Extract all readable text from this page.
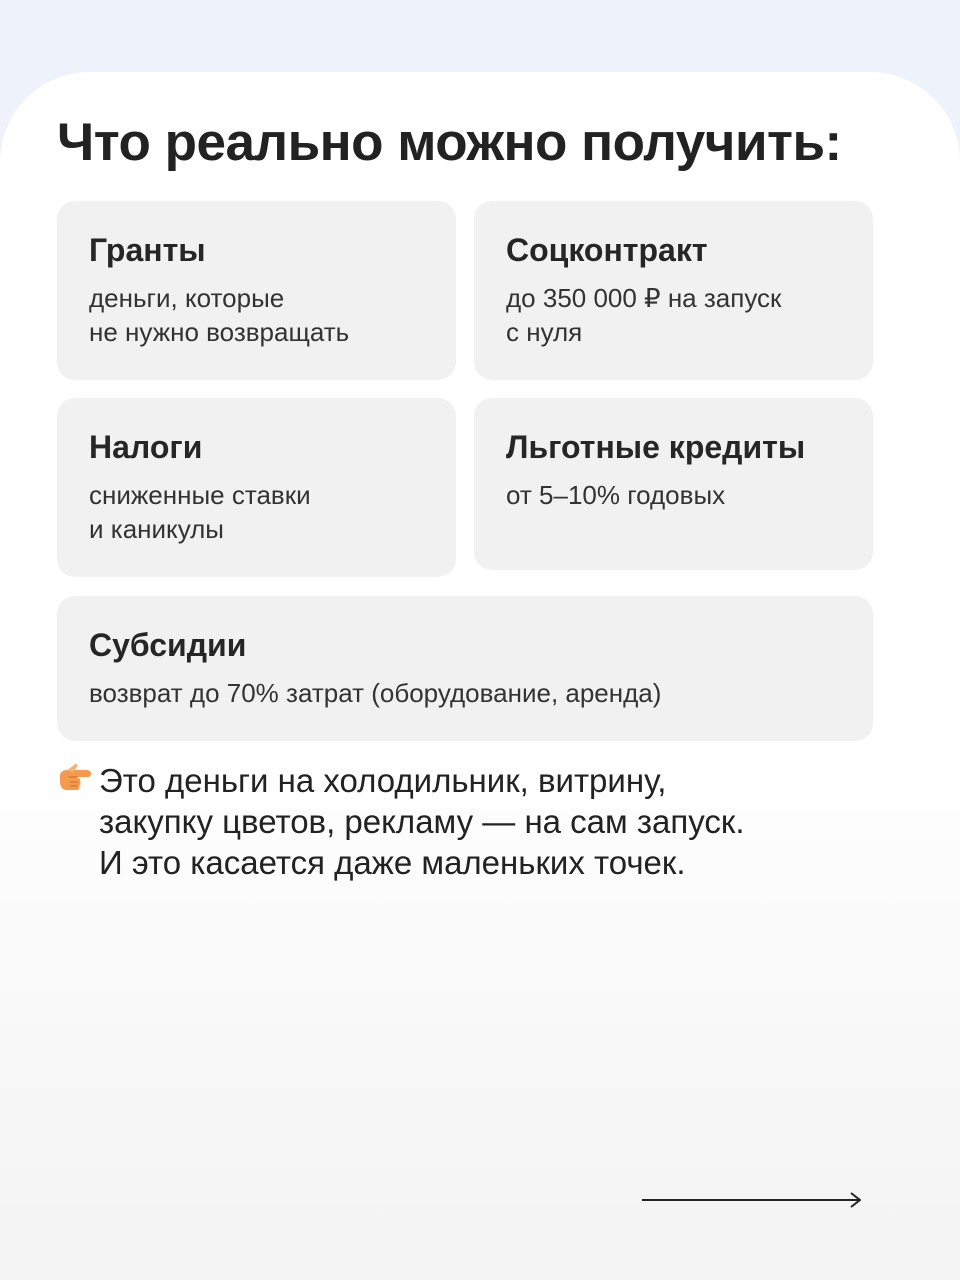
Что реально можно получить:

Гранты

деньги, которые
не нужно возвращать

Соцконтракт

до 350 000 ₽ на запуск
с нуля

Налоги

сниженные ставки
и каникулы

Льготные кредиты

от 5–10% годовых

Субсидии

возврат до 70% затрат (оборудование, аренда)

Это деньги на холодильник, витрину,
закупку цветов, рекламу — на сам запуск.
И это касается даже маленьких точек.
